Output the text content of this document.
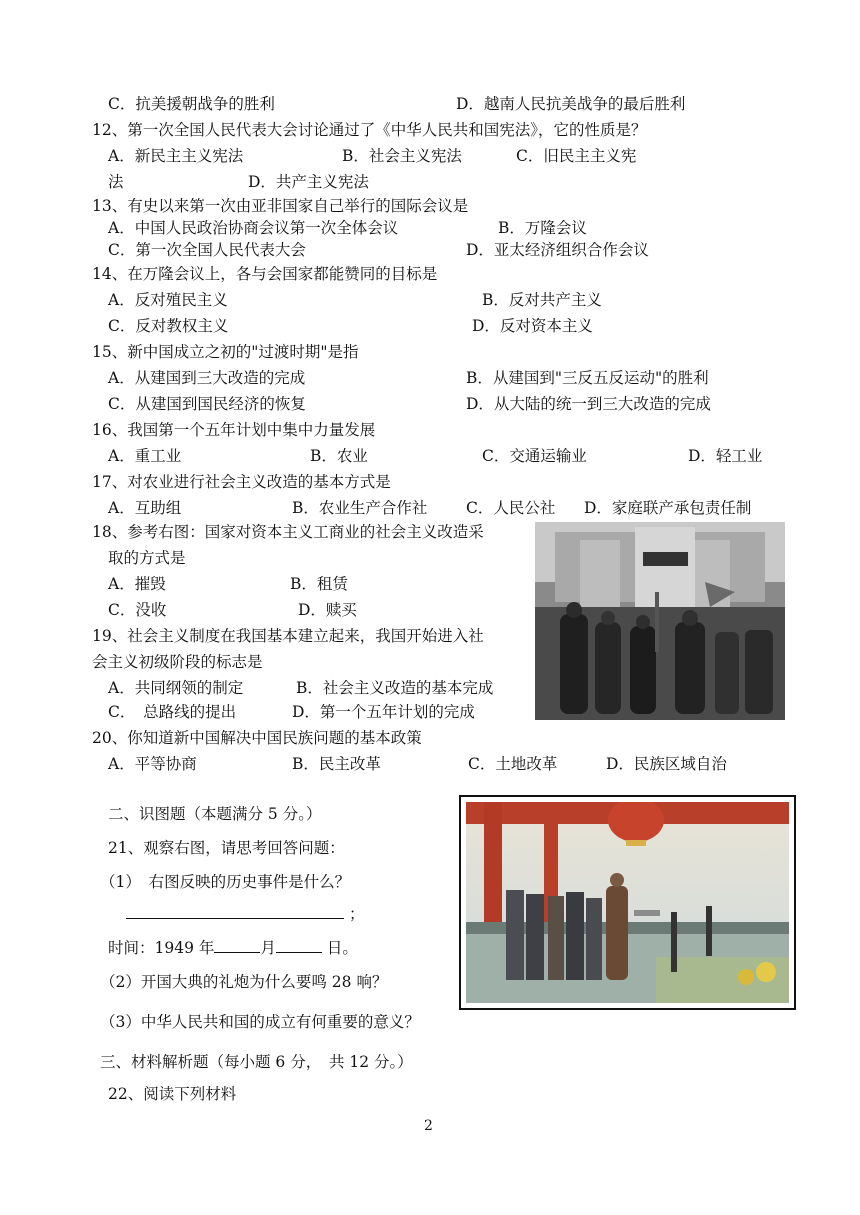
C．抗美援朝战争的胜利	D．越南人民抗美战争的最后胜利
12、第一次全国人民代表大会讨论通过了《中华人民共和国宪法》，它的性质是？
A．新民主主义宪法	B．社会主义宪法	C．旧民主主义宪
法	D．共产主义宪法
13、有史以来第一次由亚非国家自己举行的国际会议是
A．中国人民政治协商会议第一次全体会议	B．万隆会议
C．第一次全国人民代表大会	D．亚太经济组织合作会议
14、在万隆会议上，各与会国家都能赞同的目标是
A．反对殖民主义	B．反对共产主义
C．反对教权主义	D．反对资本主义
15、新中国成立之初的"过渡时期"是指
A．从建国到三大改造的完成	B．从建国到"三反五反运动"的胜利
C．从建国到国民经济的恢复	D．从大陆的统一到三大改造的完成
16、我国第一个五年计划中集中力量发展
A．重工业	B．农业	C．交通运输业	D．轻工业
17、对农业进行社会主义改造的基本方式是
A．互助组	B．农业生产合作社 C．人民公社 D．家庭联产承包责任制
18、参考右图：国家对资本主义工商业的社会主义改造采
取的方式是
A．摧毁	B．租赁
C．没收	D．赎买
19、社会主义制度在我国基本建立起来，我国开始进入社
会主义初级阶段的标志是
A．共同纲领的制定	B．社会主义改造的基本完成
C．　总路线的提出	D．第一个五年计划的完成
20、你知道新中国解决中国民族问题的基本政策
A．平等协商	B．民主改革	C．土地改革	D．民族区域自治
二、识图题（本题满分 5 分。）
21、观察右图，请思考回答问题：
（1）　右图反映的历史事件是什么？
；
时间：1949 年	月	日。
（2）开国大典的礼炮为什么要鸣 28 响？
（3）中华人民共和国的成立有何重要的意义？
三、材料解析题（每小题 6 分，　共 12 分。）
22、阅读下列材料
2
